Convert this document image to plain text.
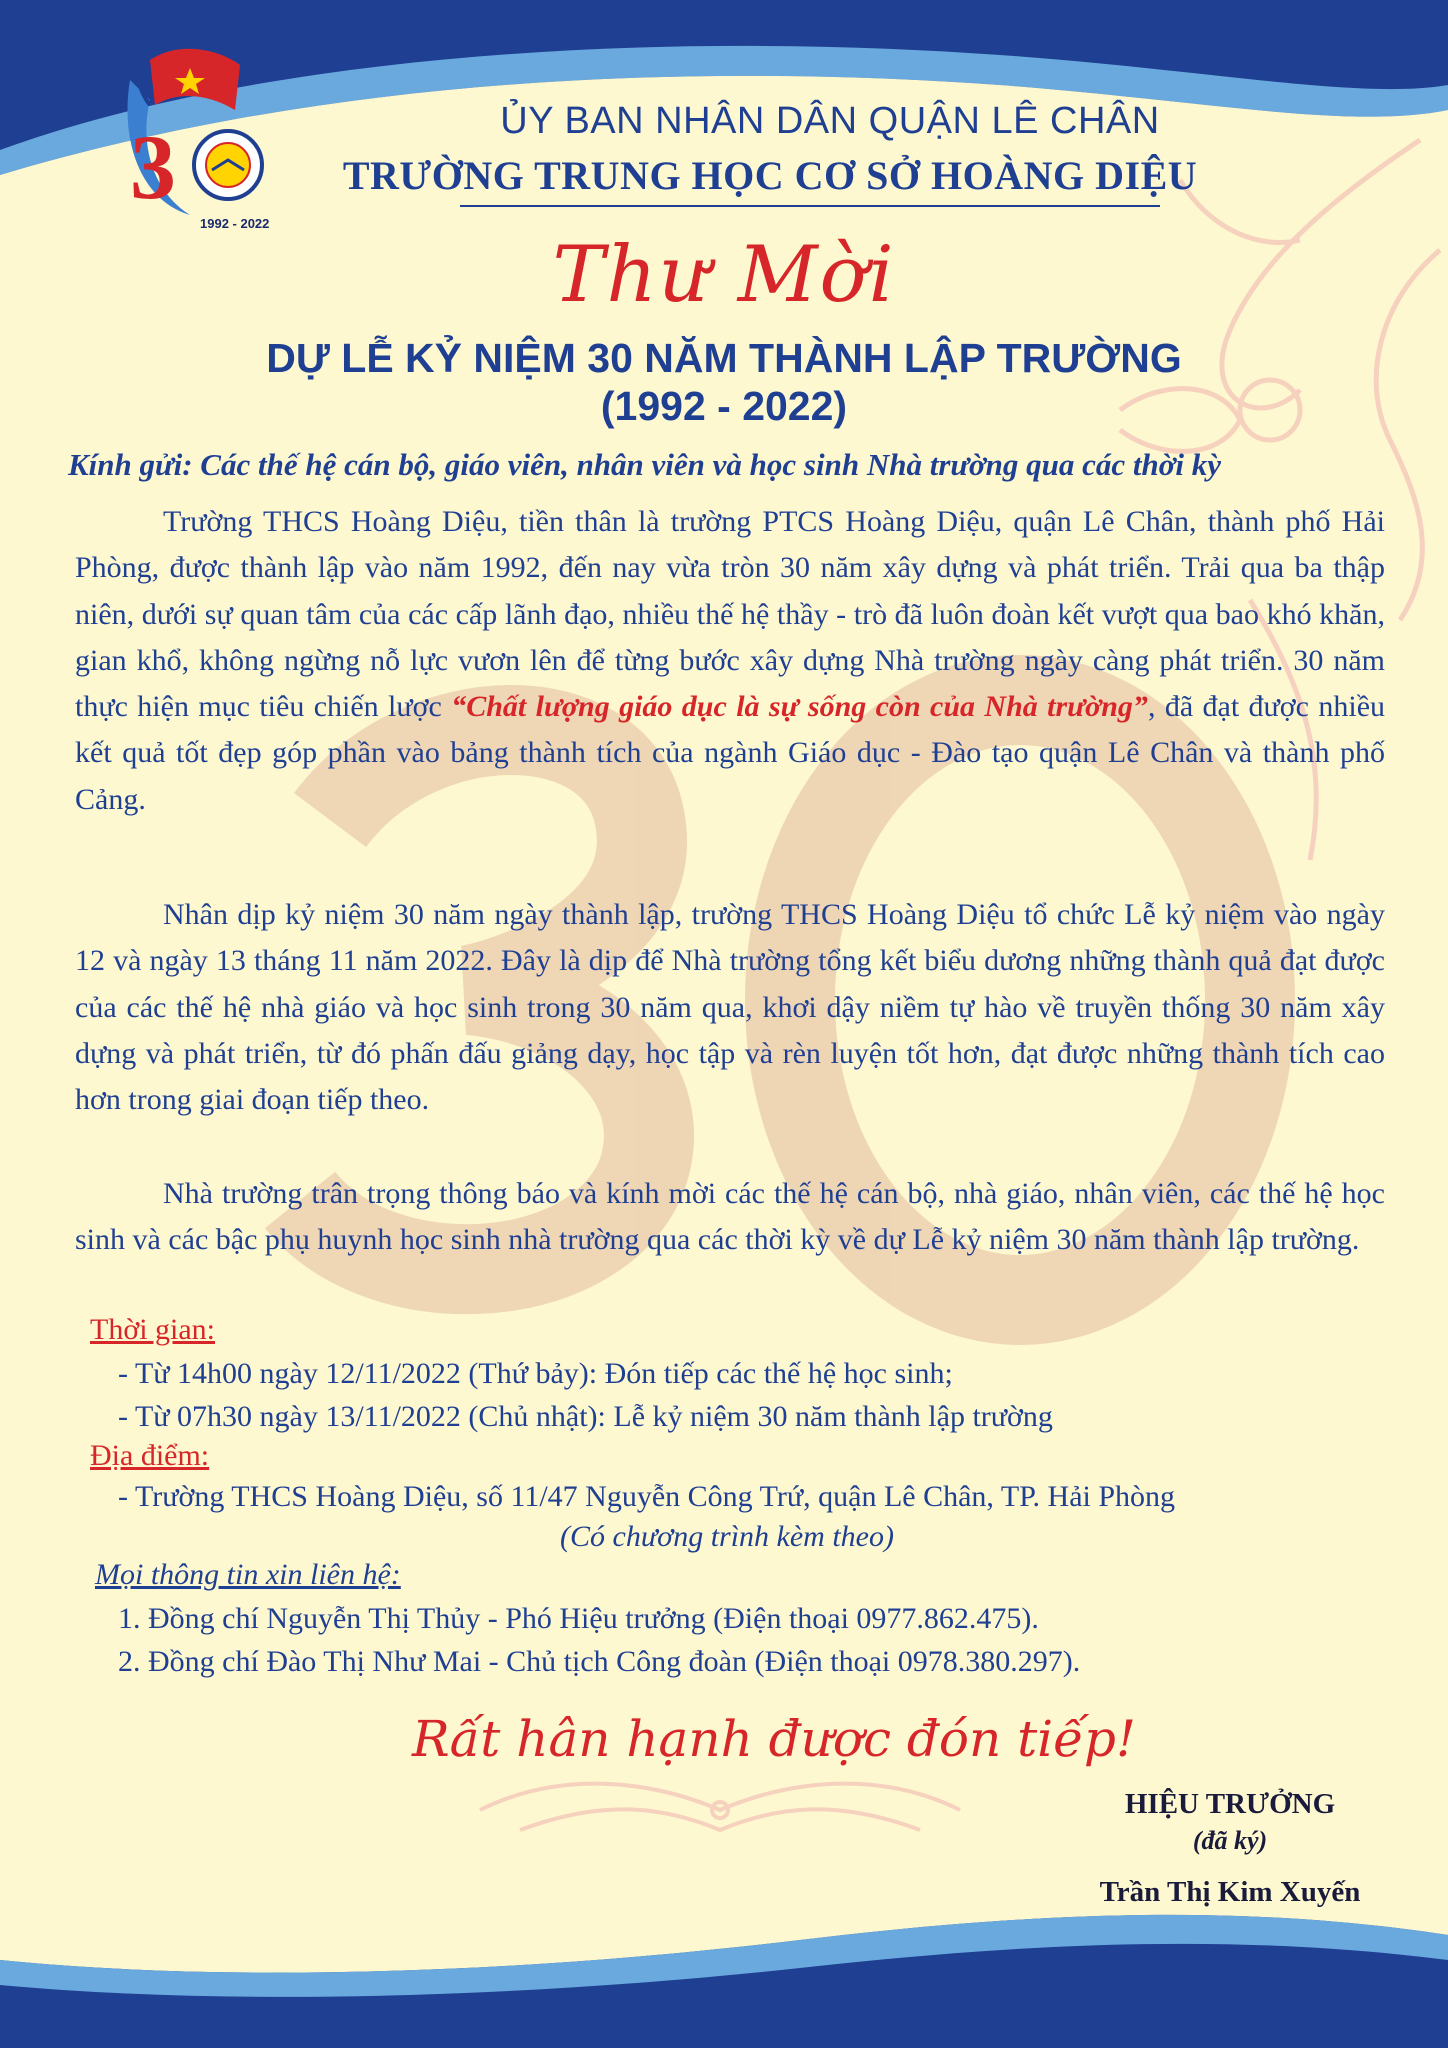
3
1992 - 2022
ỦY BAN NHÂN DÂN QUẬN LÊ CHÂN
TRƯỜNG TRUNG HỌC CƠ SỞ HOÀNG DIỆU
Thư Mời
DỰ LỄ KỶ NIỆM 30 NĂM THÀNH LẬP TRƯỜNG
(1992 - 2022)
Kính gửi: Các thế hệ cán bộ, giáo viên, nhân viên và học sinh Nhà trường qua các thời kỳ

Trường THCS Hoàng Diệu, tiền thân là trường PTCS Hoàng Diệu, quận Lê Chân, thành phố Hải Phòng, được thành lập vào năm 1992, đến nay vừa tròn 30 năm xây dựng và phát triển. Trải qua ba thập niên, dưới sự quan tâm của các cấp lãnh đạo, nhiều thế hệ thầy - trò đã luôn đoàn kết vượt qua bao khó khăn, gian khổ, không ngừng nỗ lực vươn lên để từng bước xây dựng Nhà trường ngày càng phát triển. 30 năm thực hiện mục tiêu chiến lược “Chất lượng giáo dục là sự sống còn của Nhà trường”, đã đạt được nhiều kết quả tốt đẹp góp phần vào bảng thành tích của ngành Giáo dục - Đào tạo quận Lê Chân và thành phố Cảng.

Nhân dịp kỷ niệm 30 năm ngày thành lập, trường THCS Hoàng Diệu tổ chức Lễ kỷ niệm vào ngày 12 và ngày 13 tháng 11 năm 2022. Đây là dịp để Nhà trường tổng kết biểu dương những thành quả đạt được của các thế hệ nhà giáo và học sinh trong 30 năm qua, khơi dậy niềm tự hào về truyền thống 30 năm xây dựng và phát triển, từ đó phấn đấu giảng dạy, học tập và rèn luyện tốt hơn, đạt được những thành tích cao hơn trong giai đoạn tiếp theo.

Nhà trường trân trọng thông báo và kính mời các thế hệ cán bộ, nhà giáo, nhân viên, các thế hệ học sinh và các bậc phụ huynh học sinh nhà trường qua các thời kỳ về dự Lễ kỷ niệm 30 năm thành lập trường.

Thời gian:
- Từ 14h00 ngày 12/11/2022 (Thứ bảy): Đón tiếp các thế hệ học sinh;
- Từ 07h30 ngày 13/11/2022 (Chủ nhật): Lễ kỷ niệm 30 năm thành lập trường
Địa điểm:
- Trường THCS Hoàng Diệu, số 11/47 Nguyễn Công Trứ, quận Lê Chân, TP. Hải Phòng
(Có chương trình kèm theo)
Mọi thông tin xin liên hệ:
1. Đồng chí Nguyễn Thị Thủy - Phó Hiệu trưởng (Điện thoại 0977.862.475).
2. Đồng chí Đào Thị Như Mai - Chủ tịch Công đoàn (Điện thoại 0978.380.297).
Rất hân hạnh được đón tiếp!
HIỆU TRƯỞNG
(đã ký)
Trần Thị Kim Xuyến
